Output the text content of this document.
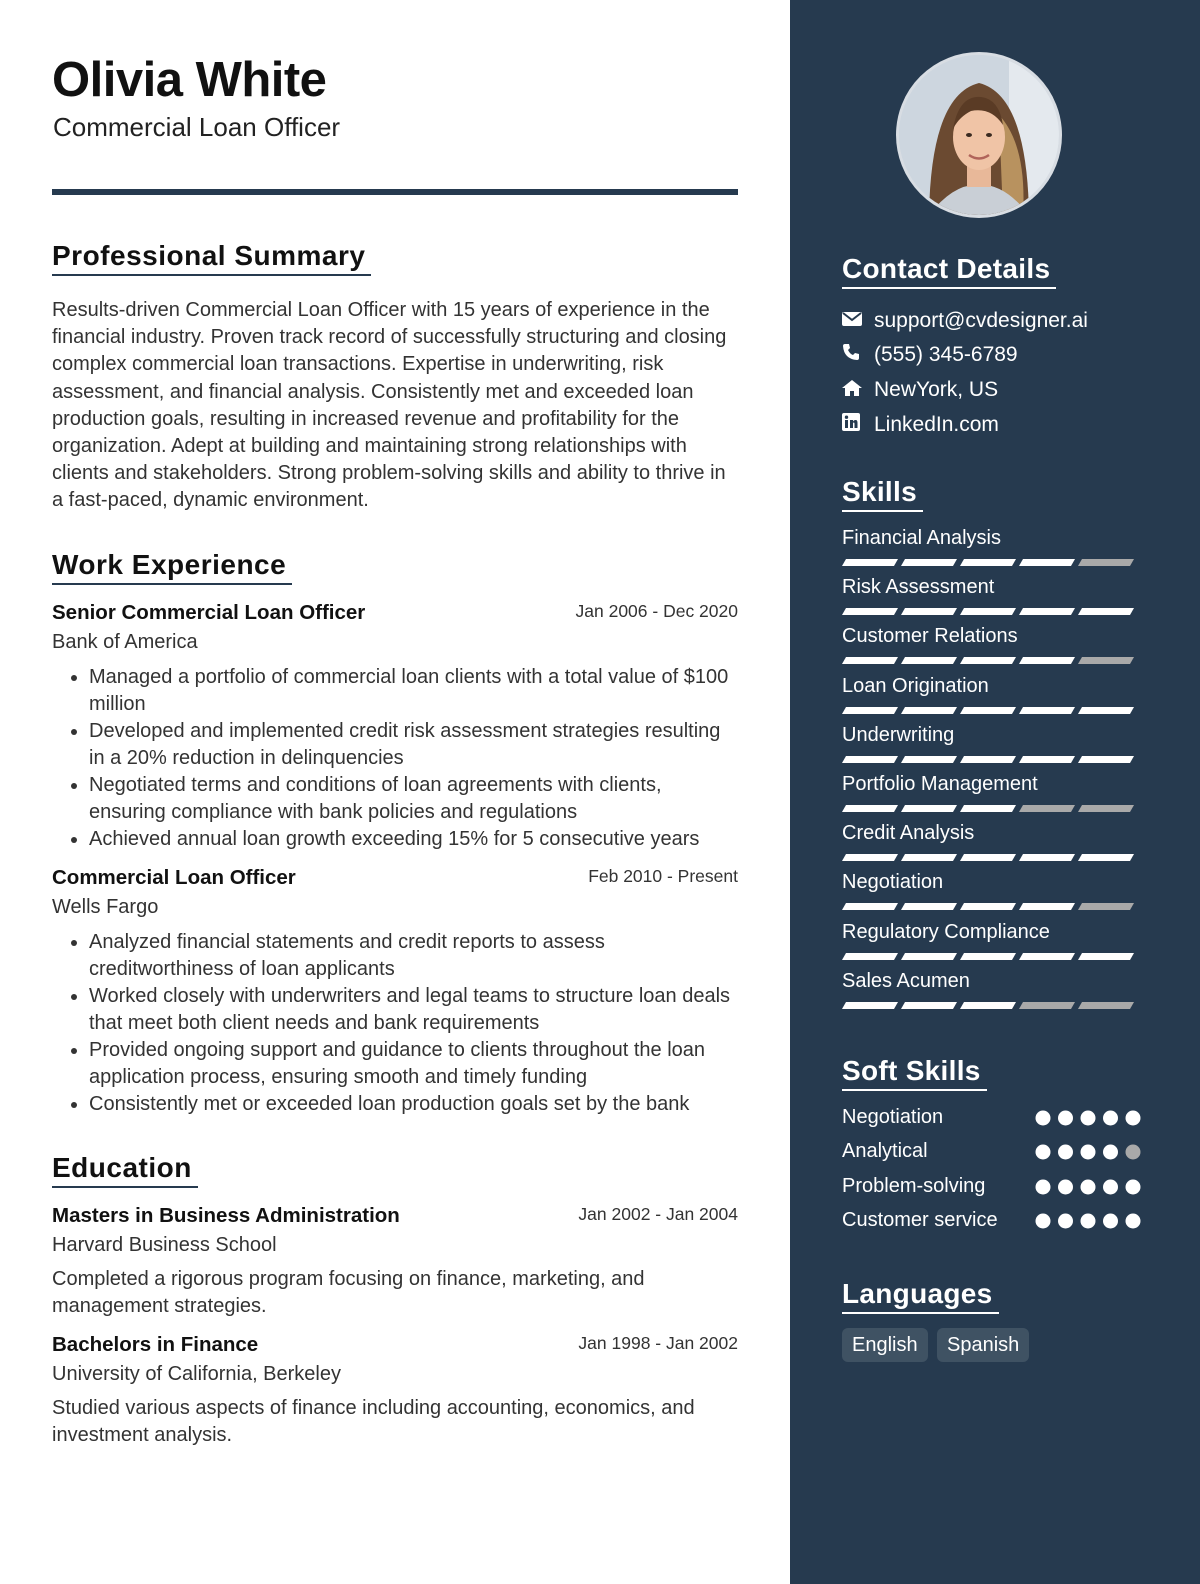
Olivia White
Commercial Loan Officer
Professional Summary
Results-driven Commercial Loan Officer with 15 years of experience in the financial industry. Proven track record of successfully structuring and closing complex commercial loan transactions. Expertise in underwriting, risk assessment, and financial analysis. Consistently met and exceeded loan production goals, resulting in increased revenue and profitability for the organization. Adept at building and maintaining strong relationships with clients and stakeholders. Strong problem-solving skills and ability to thrive in a fast-paced, dynamic environment.
Work Experience
Senior Commercial Loan Officer	Jan 2006 - Dec 2020
Bank of America
• Managed a portfolio of commercial loan clients with a total value of $100 million
• Developed and implemented credit risk assessment strategies resulting in a 20% reduction in delinquencies
• Negotiated terms and conditions of loan agreements with clients, ensuring compliance with bank policies and regulations
• Achieved annual loan growth exceeding 15% for 5 consecutive years
Commercial Loan Officer	Feb 2010 - Present
Wells Fargo
• Analyzed financial statements and credit reports to assess creditworthiness of loan applicants
• Worked closely with underwriters and legal teams to structure loan deals that meet both client needs and bank requirements
• Provided ongoing support and guidance to clients throughout the loan application process, ensuring smooth and timely funding
• Consistently met or exceeded loan production goals set by the bank
Education
Masters in Business Administration	Jan 2002 - Jan 2004
Harvard Business School
Completed a rigorous program focusing on finance, marketing, and management strategies.
Bachelors in Finance	Jan 1998 - Jan 2002
University of California, Berkeley
Studied various aspects of finance including accounting, economics, and investment analysis.
Contact Details
support@cvdesigner.ai
(555) 345-6789
NewYork, US
LinkedIn.com
Skills
Financial Analysis
Risk Assessment
Customer Relations
Loan Origination
Underwriting
Portfolio Management
Credit Analysis
Negotiation
Regulatory Compliance
Sales Acumen
Soft Skills
Negotiation
Analytical
Problem-solving
Customer service
Languages
English	Spanish
